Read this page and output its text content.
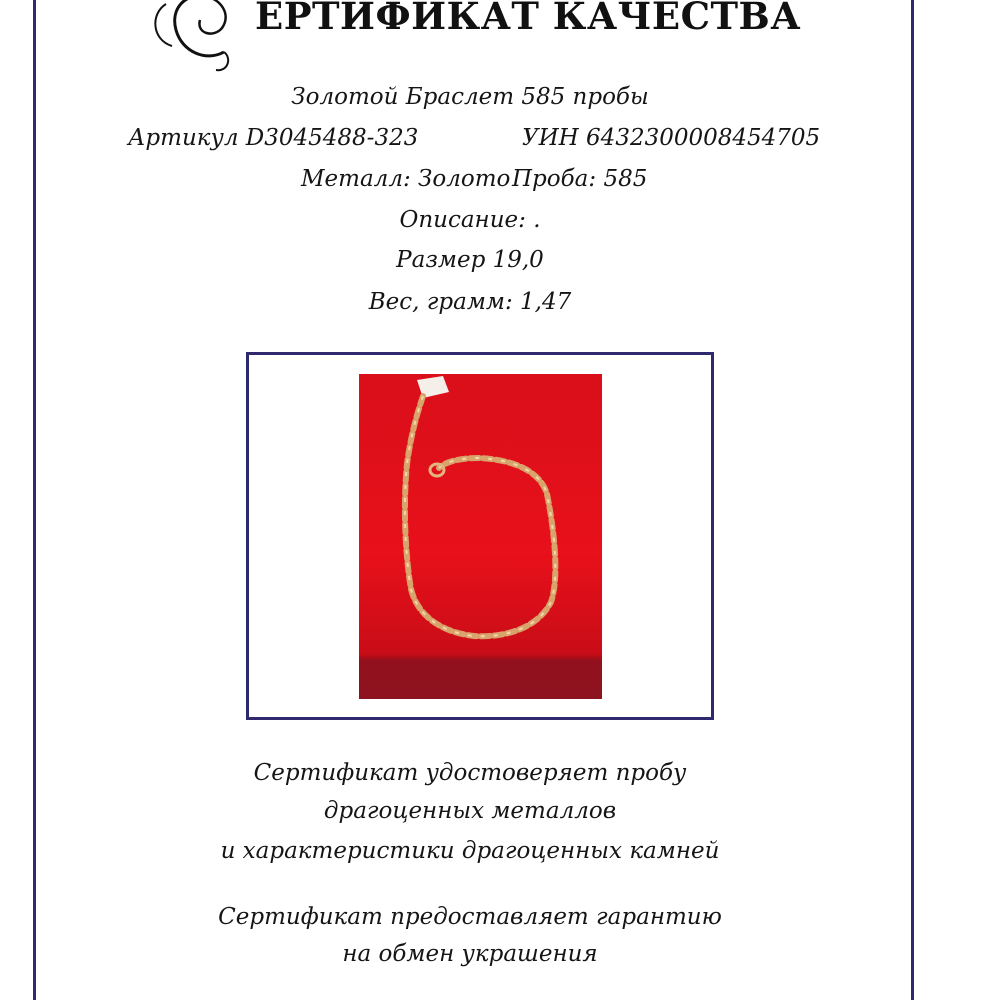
ЕРТИФИКАТ КАЧЕСТВА

Золотой Браслет 585 пробы

Артикул D3045488-323	УИН 6432300008454705

Металл: Золото Проба: 585

Описание: .

Размер 19,0

Вес, грамм: 1,47

Сертификат удостоверяет пробу

драгоценных металлов

и характеристики драгоценных камней

Сертификат предоставляет гарантию

на обмен украшения
